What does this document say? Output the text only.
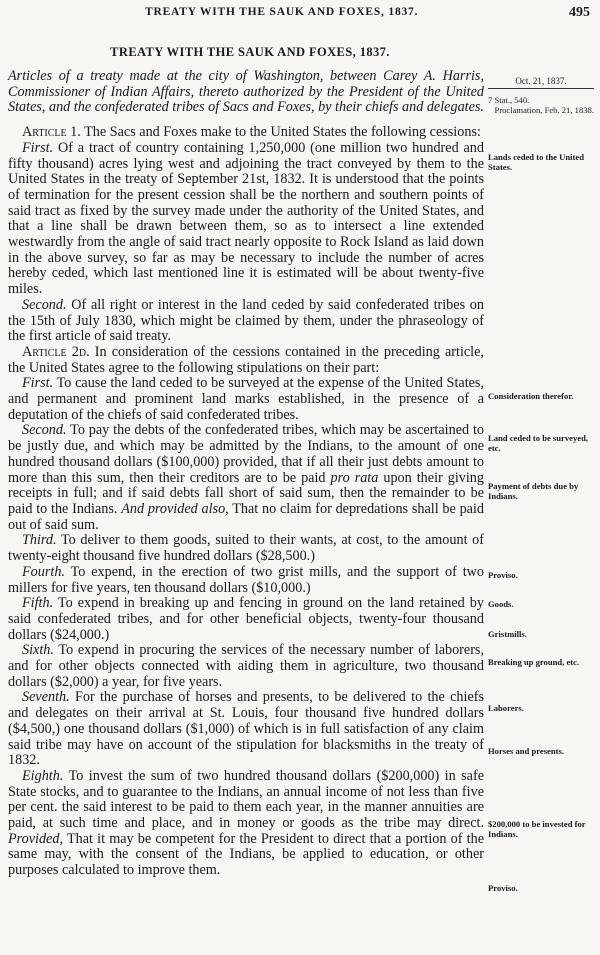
TREATY WITH THE SAUK AND FOXES, 1837.	495
TREATY WITH THE SAUK AND FOXES, 1837.

Articles of a treaty made at the city of Washington, between Carey A. Harris, Commissioner of Indian Affairs, thereto authorized by the President of the United States, and the confederated tribes of Sacs and Foxes, by their chiefs and delegates.

Article 1. The Sacs and Foxes make to the United States the following cessions:

First. Of a tract of country containing 1,250,000 (one million two hundred and fifty thousand) acres lying west and adjoining the tract conveyed by them to the United States in the treaty of September 21st, 1832. It is understood that the points of termination for the present cession shall be the northern and southern points of said tract as fixed by the survey made under the authority of the United States, and that a line shall be drawn between them, so as to intersect a line extended westwardly from the angle of said tract nearly opposite to Rock Island as laid down in the above survey, so far as may be necessary to include the number of acres hereby ceded, which last mentioned line it is estimated will be about twenty-five miles.

Second. Of all right or interest in the land ceded by said confederated tribes on the 15th of July 1830, which might be claimed by them, under the phraseology of the first article of said treaty.

Article 2d. In consideration of the cessions contained in the preceding article, the United States agree to the following stipulations on their part:

First. To cause the land ceded to be surveyed at the expense of the United States, and permanent and prominent land marks established, in the presence of a deputation of the chiefs of said confederated tribes.

Second. To pay the debts of the confederated tribes, which may be ascertained to be justly due, and which may be admitted by the Indians, to the amount of one hundred thousand dollars ($100,000) provided, that if all their just debts amount to more than this sum, then their creditors are to be paid pro rata upon their giving receipts in full; and if said debts fall short of said sum, then the remainder to be paid to the Indians. And provided also, That no claim for depredations shall be paid out of said sum.

Third. To deliver to them goods, suited to their wants, at cost, to the amount of twenty-eight thousand five hundred dollars ($28,500.)

Fourth. To expend, in the erection of two grist mills, and the support of two millers for five years, ten thousand dollars ($10,000.)

Fifth. To expend in breaking up and fencing in ground on the land retained by said confederated tribes, and for other beneficial objects, twenty-four thousand dollars ($24,000.)

Sixth. To expend in procuring the services of the necessary number of laborers, and for other objects connected with aiding them in agriculture, two thousand dollars ($2,000) a year, for five years.

Seventh. For the purchase of horses and presents, to be delivered to the chiefs and delegates on their arrival at St. Louis, four thousand five hundred dollars ($4,500,) one thousand dollars ($1,000) of which is in full satisfaction of any claim said tribe may have on account of the stipulation for blacksmiths in the treaty of 1832.

Eighth. To invest the sum of two hundred thousand dollars ($200,000) in safe State stocks, and to guarantee to the Indians, an annual income of not less than five per cent. the said interest to be paid to them each year, in the manner annuities are paid, at such time and place, and in money or goods as the tribe may direct. Provided, That it may be competent for the President to direct that a portion of the same may, with the consent of the Indians, be applied to education, or other purposes calculated to improve them.

Oct. 21, 1837.
7 Stat., 540.
Proclamation, Feb. 21, 1838.
Lands ceded to the United States.
Consideration therefor.
Land ceded to be surveyed, etc.
Payment of debts due by Indians.
Proviso.
Goods.
Gristmills.
Breaking up ground, etc.
Laborers.
Horses and presents.
$200,000 to be invested for Indians.
Proviso.
